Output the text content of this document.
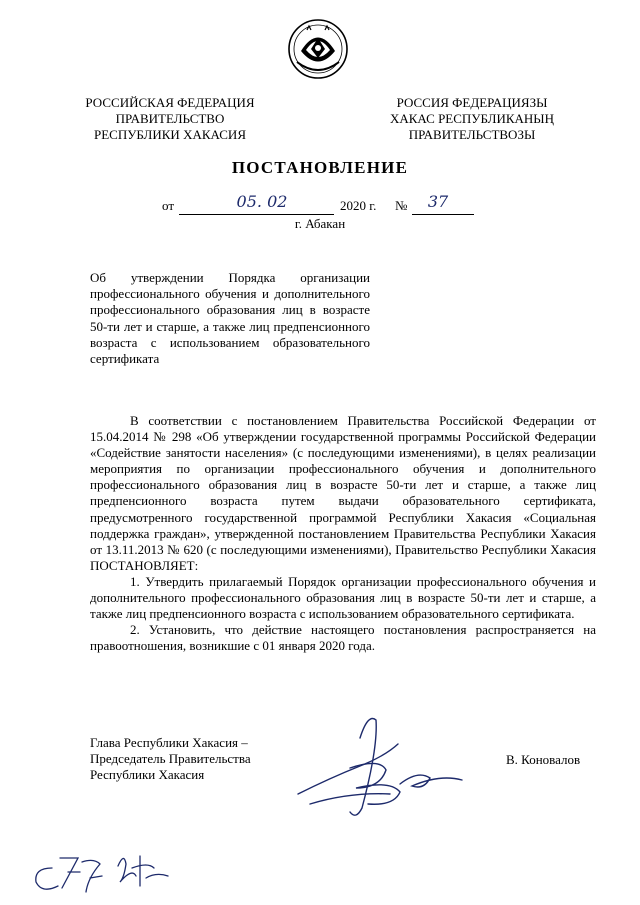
РОССИЙСКАЯ ФЕДЕРАЦИЯ
ПРАВИТЕЛЬСТВО
РЕСПУБЛИКИ ХАКАСИЯ
РОССИЯ ФЕДЕРАЦИЯЗЫ
ХАКАС РЕСПУБЛИКАНЫҢ
ПРАВИТЕЛЬСТВОЗЫ
ПОСТАНОВЛЕНИЕ
от	05. 02	2020 г. №	37
г. Абакан
Об утверждении Порядка организации профессионального обучения и дополнительного профессионального образования лиц в возрасте 50-ти лет и старше, а также лиц предпенсионного возраста с использованием образовательного сертификата

В соответствии с постановлением Правительства Российской Федерации от 15.04.2014 № 298 «Об утверждении государственной программы Российской Федерации «Содействие занятости населения» (с последующими изменениями), в целях реализации мероприятия по организации профессионального обучения и дополнительного профессионального образования лиц в возрасте 50-ти лет и старше, а также лиц предпенсионного возраста путем выдачи образовательного сертификата, предусмотренного государственной программой Республики Хакасия «Социальная поддержка граждан», утвержденной постановлением Правительства Республики Хакасия от 13.11.2013 № 620 (с последующими изменениями), Правительство Республики Хакасия ПОСТАНОВЛЯЕТ:

1. Утвердить прилагаемый Порядок организации профессионального обучения и дополнительного профессионального образования лиц в возрасте 50-ти лет и старше, а также лиц предпенсионного возраста с использованием образовательного сертификата.

2. Установить, что действие настоящего постановления распространяется на правоотношения, возникшие с 01 января 2020 года.

Глава Республики Хакасия –
Председатель Правительства
Республики Хакасия
В. Коновалов
